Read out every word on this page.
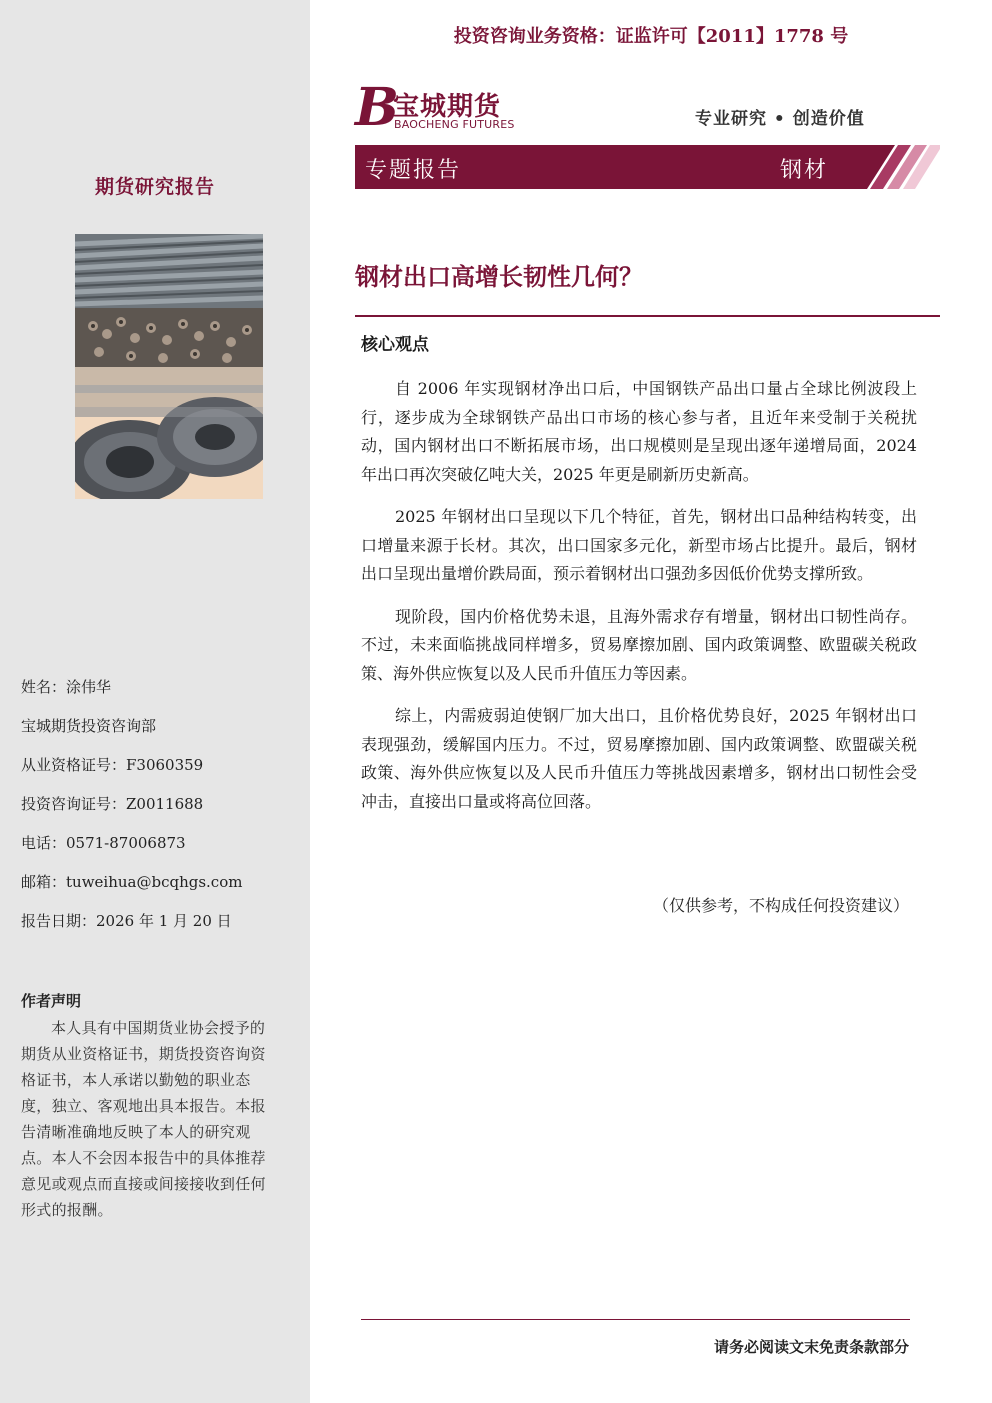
期货研究报告
姓名：涂伟华
宝城期货投资咨询部
从业资格证号：F3060359
投资咨询证号：Z0011688
电话：0571-87006873
邮箱：tuweihua@bcqhgs.com
报告日期：2026 年 1 月 20 日
作者声明
本人具有中国期货业协会授予的期货从业资格证书，期货投资咨询资格证书，本人承诺以勤勉的职业态度，独立、客观地出具本报告。本报告清晰准确地反映了本人的研究观点。本人不会因本报告中的具体推荐意见或观点而直接或间接接收到任何形式的报酬。
投资咨询业务资格：证监许可【2011】1778 号
B
宝城期货
BAOCHENG FUTURES	专业研究 • 创造价值
专题报告	钢材
钢材出口高增长韧性几何？
核心观点

自 2006 年实现钢材净出口后，中国钢铁产品出口量占全球比例波段上行，逐步成为全球钢铁产品出口市场的核心参与者，且近年来受制于关税扰动，国内钢材出口不断拓展市场，出口规模则是呈现出逐年递增局面，2024 年出口再次突破亿吨大关，2025 年更是刷新历史新高。

2025 年钢材出口呈现以下几个特征，首先，钢材出口品种结构转变，出口增量来源于长材。其次，出口国家多元化，新型市场占比提升。最后，钢材出口呈现出量增价跌局面，预示着钢材出口强劲多因低价优势支撑所致。

现阶段，国内价格优势未退，且海外需求存有增量，钢材出口韧性尚存。不过，未来面临挑战同样增多，贸易摩擦加剧、国内政策调整、欧盟碳关税政策、海外供应恢复以及人民币升值压力等因素。

综上，内需疲弱迫使钢厂加大出口，且价格优势良好，2025 年钢材出口表现强劲，缓解国内压力。不过，贸易摩擦加剧、国内政策调整、欧盟碳关税政策、海外供应恢复以及人民币升值压力等挑战因素增多，钢材出口韧性会受冲击，直接出口量或将高位回落。

（仅供参考，不构成任何投资建议）
请务必阅读文末免责条款部分
